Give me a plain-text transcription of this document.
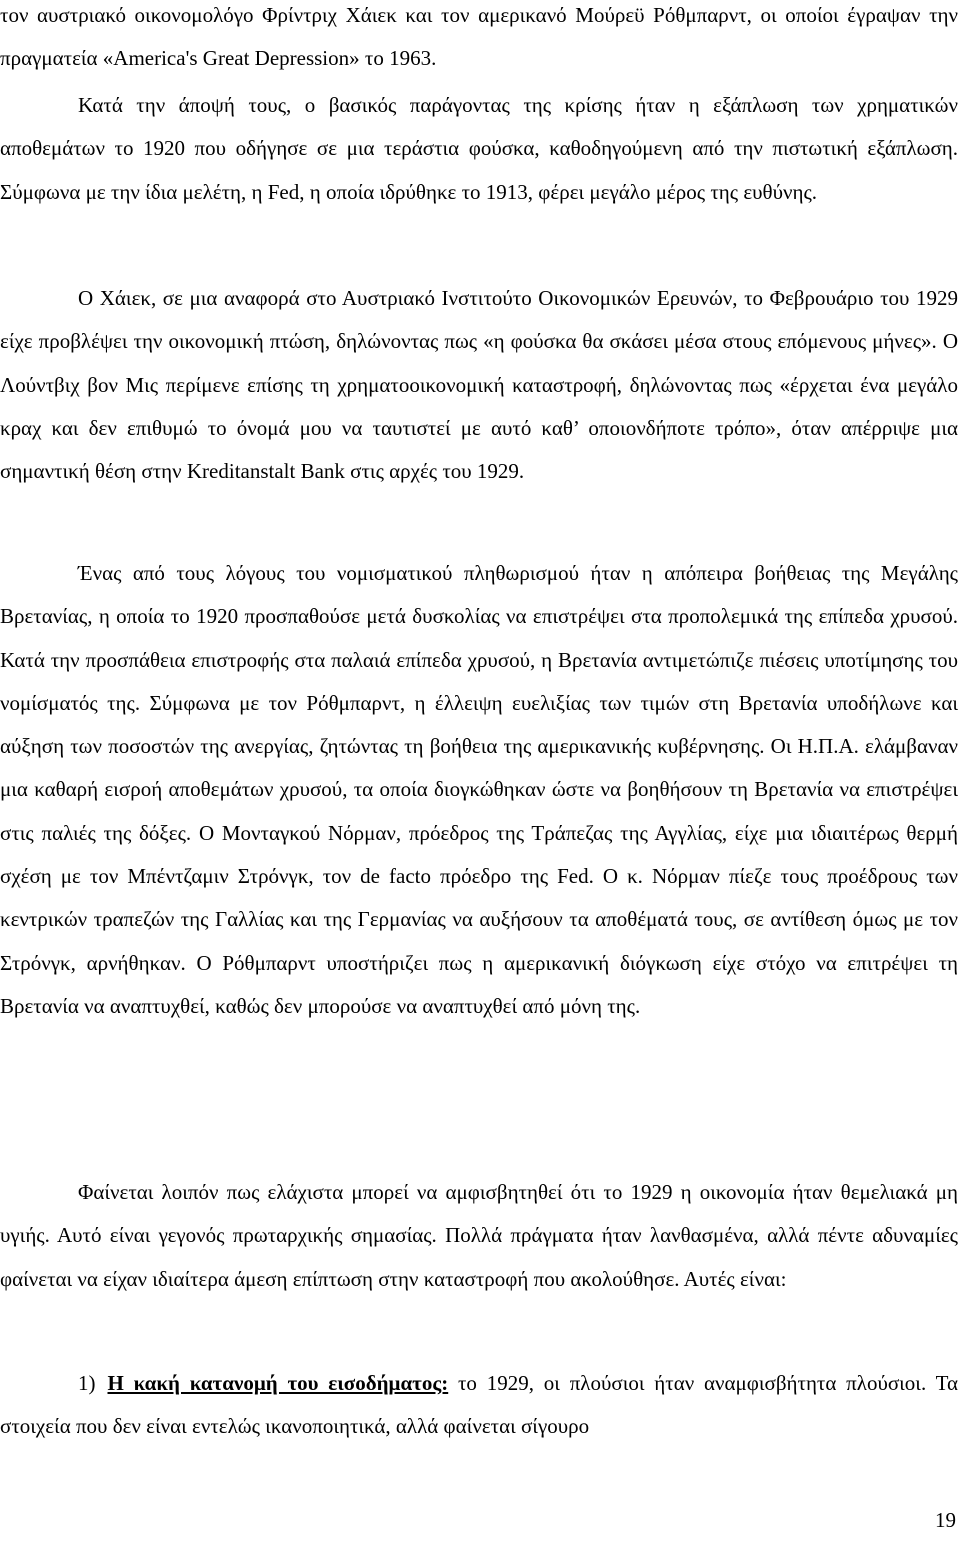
τον αυστριακό οικονομολόγο Φρίντριχ Χάιεκ και τον αμερικανό Μούρεϋ Ρόθμπαρντ, οι οποίοι έγραψαν την πραγματεία «America's Great Depression» το 1963.

Κατά την άποψή τους, ο βασικός παράγοντας της κρίσης ήταν η εξάπλωση των χρηματικών αποθεμάτων το 1920 που οδήγησε σε μια τεράστια φούσκα, καθοδηγούμενη από την πιστωτική εξάπλωση. Σύμφωνα με την ίδια μελέτη, η Fed, η οποία ιδρύθηκε το 1913, φέρει μεγάλο μέρος της ευθύνης.

Ο Χάιεκ, σε μια αναφορά στο Αυστριακό Ινστιτούτο Οικονομικών Ερευνών, το Φεβρουάριο του 1929 είχε προβλέψει την οικονομική πτώση, δηλώνοντας πως «η φούσκα θα σκάσει μέσα στους επόμενους μήνες». Ο Λούντβιχ βον Μις περίμενε επίσης τη χρηματοοικονομική καταστροφή, δηλώνοντας πως «έρχεται ένα μεγάλο κραχ και δεν επιθυμώ το όνομά μου να ταυτιστεί με αυτό καθ’ οποιονδήποτε τρόπο», όταν απέρριψε μια σημαντική θέση στην Kreditanstalt Bank στις αρχές του 1929.

Ένας από τους λόγους του νομισματικού πληθωρισμού ήταν η απόπειρα βοήθειας της Μεγάλης Βρετανίας, η οποία το 1920 προσπαθούσε μετά δυσκολίας να επιστρέψει στα προπολεμικά της επίπεδα χρυσού. Κατά την προσπάθεια επιστροφής στα παλαιά επίπεδα χρυσού, η Βρετανία αντιμετώπιζε πιέσεις υποτίμησης του νομίσματός της. Σύμφωνα με τον Ρόθμπαρντ, η έλλειψη ευελιξίας των τιμών στη Βρετανία υποδήλωνε και αύξηση των ποσοστών της ανεργίας, ζητώντας τη βοήθεια της αμερικανικής κυβέρνησης. Οι Η.Π.Α. ελάμβαναν μια καθαρή εισροή αποθεμάτων χρυσού, τα οποία διογκώθηκαν ώστε να βοηθήσουν τη Βρετανία να επιστρέψει στις παλιές της δόξες. Ο Μονταγκού Νόρμαν, πρόεδρος της Τράπεζας της Αγγλίας, είχε μια ιδιαιτέρως θερμή σχέση με τον Μπέντζαμιν Στρόνγκ, τον de facto πρόεδρο της Fed. Ο κ. Νόρμαν πίεζε τους προέδρους των κεντρικών τραπεζών της Γαλλίας και της Γερμανίας να αυξήσουν τα αποθέματά τους, σε αντίθεση όμως με τον Στρόνγκ, αρνήθηκαν. Ο Ρόθμπαρντ υποστήριζει πως η αμερικανική διόγκωση είχε στόχο να επιτρέψει τη Βρετανία να αναπτυχθεί, καθώς δεν μπορούσε να αναπτυχθεί από μόνη της.

Φαίνεται λοιπόν πως ελάχιστα μπορεί να αμφισβητηθεί ότι το 1929 η οικονομία ήταν θεμελιακά μη υγιής. Αυτό είναι γεγονός πρωταρχικής σημασίας. Πολλά πράγματα ήταν λανθασμένα, αλλά πέντε αδυναμίες φαίνεται να είχαν ιδιαίτερα άμεση επίπτωση στην καταστροφή που ακολούθησε. Αυτές είναι:

1) Η κακή κατανομή του εισοδήματος: το 1929, οι πλούσιοι ήταν αναμφισβήτητα πλούσιοι. Τα στοιχεία που δεν είναι εντελώς ικανοποιητικά, αλλά φαίνεται σίγουρο

19
